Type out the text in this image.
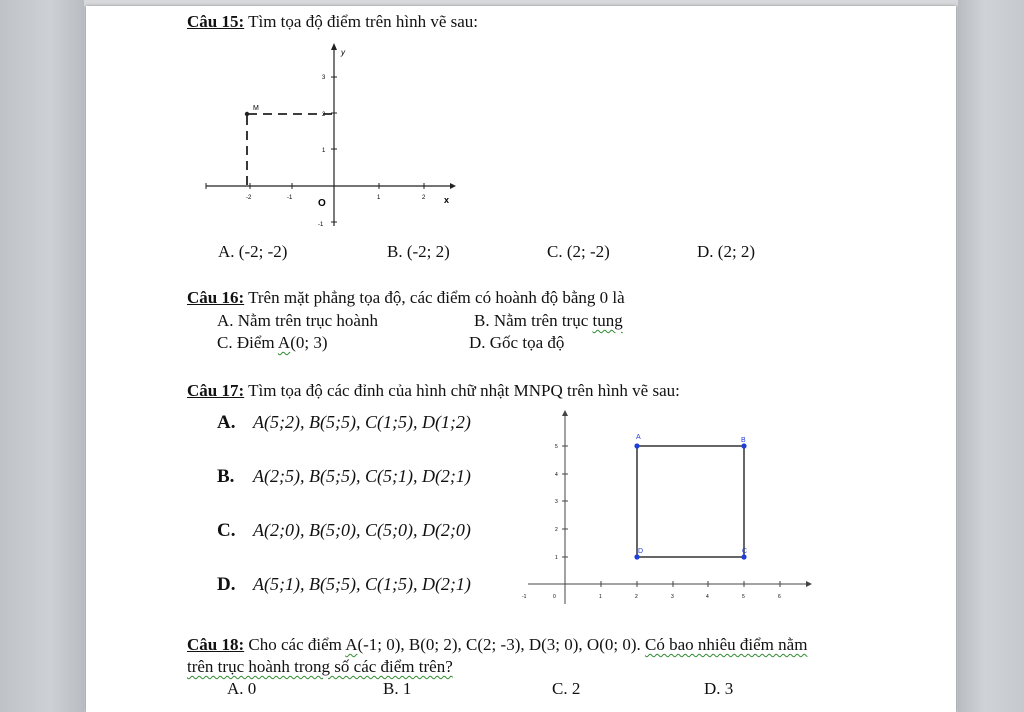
Câu 15: Tìm tọa độ điểm trên hình vẽ sau:
M
y
x
O
-2	-1	1	2
3
2
1
-1
A. (-2; -2)	B. (-2; 2)	C. (2; -2)	D. (2; 2)
Câu 16: Trên mặt phẳng tọa độ, các điểm có hoành độ bằng 0 là
A. Nằm trên trục hoành	B. Nằm trên trục tung
C. Điểm A(0; 3)	D. Gốc tọa độ
Câu 17: Tìm tọa độ các đỉnh của hình chữ nhật MNPQ trên hình vẽ sau:
A. A(5;2), B(5;5), C(1;5), D(1;2)
B. A(2;5), B(5;5), C(5;1), D(2;1)
C. A(2;0), B(5;0), C(5;0), D(2;0)
D. A(5;1), B(5;5), C(1;5), D(2;1)
A	B
C
D
-1	0	1	2	3	4	5	6
5
4
3
2
1
Câu 18: Cho các điểm A(-1; 0), B(0; 2), C(2; -3), D(3; 0), O(0; 0). Có bao nhiêu điểm nằm
trên trục hoành trong số các điểm trên?
A. 0	B. 1	C. 2	D. 3
